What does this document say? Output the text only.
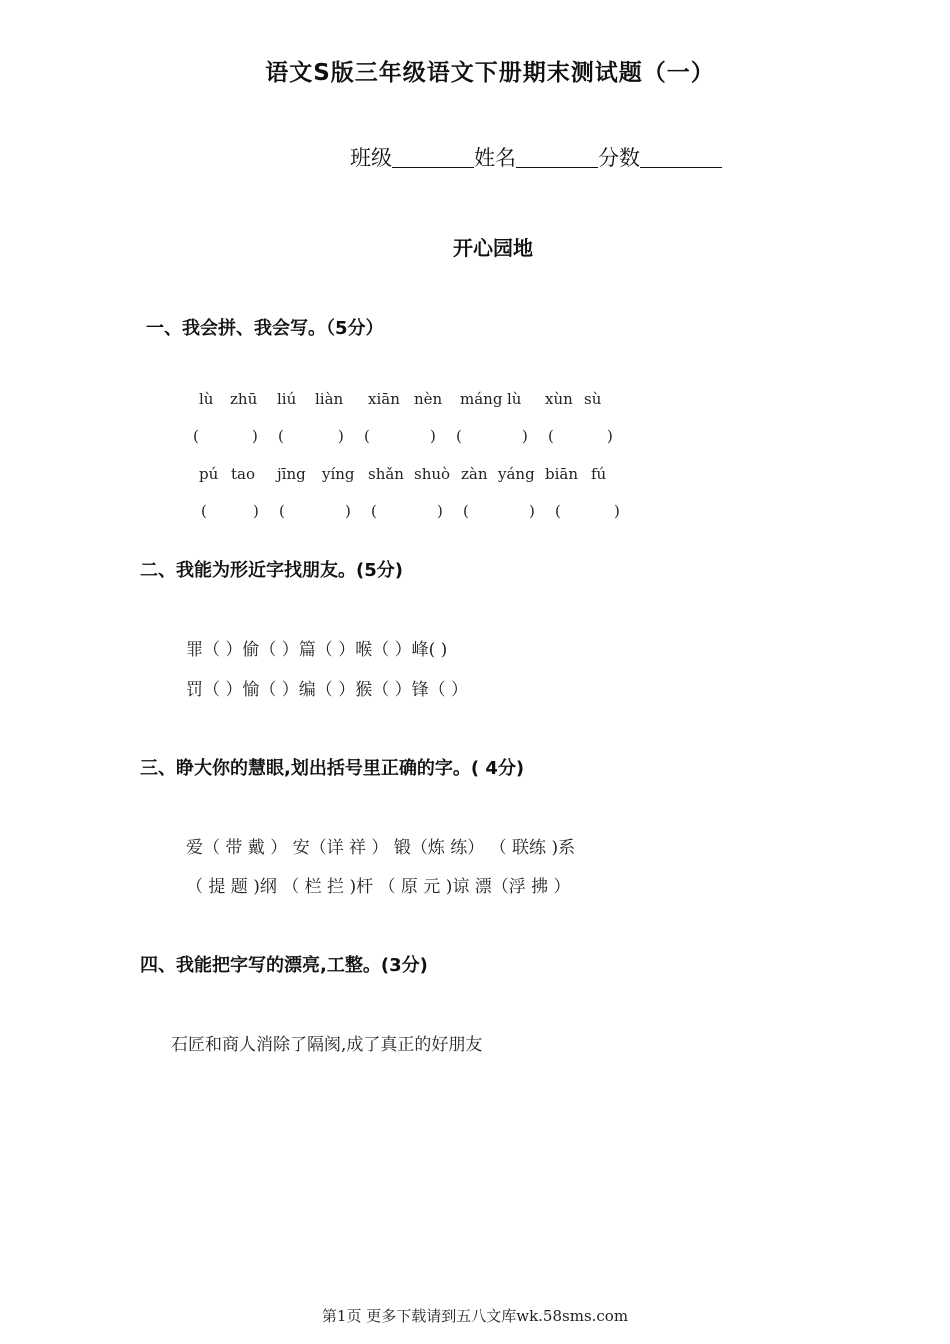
语文S版三年级语文下册期末测试题（一）
班级	姓名	分数
开心园地
一、我会拼、我会写。（5分）
lù zhū liú liàn xiān nèn máng lù xùn sù
(	) (	) (	) (	) (	)
pú tao jīng yíng shǎn shuò zàn yáng biān fú
(	) (	) (	) (	) (	)
二、我能为形近字找朋友。(5分)
罪（ ）偷（ ）篇（ ）喉（ ）峰( )
罚（ ）愉（ ）编（ ）猴（ ）锋（ ）
三、睁大你的慧眼,划出括号里正确的字。( 4分)
爱（ 带 戴 ） 安（详 祥 ） 锻（炼 练） （ 联练 )系
（ 提 题 )纲 （ 栏 拦 )杆 （ 原 元 )谅 漂（浮 拂 ）
四、我能把字写的漂亮,工整。(3分)
石匠和商人消除了隔阂,成了真正的好朋友
第1页 更多下载请到五八文库wk.58sms.com
